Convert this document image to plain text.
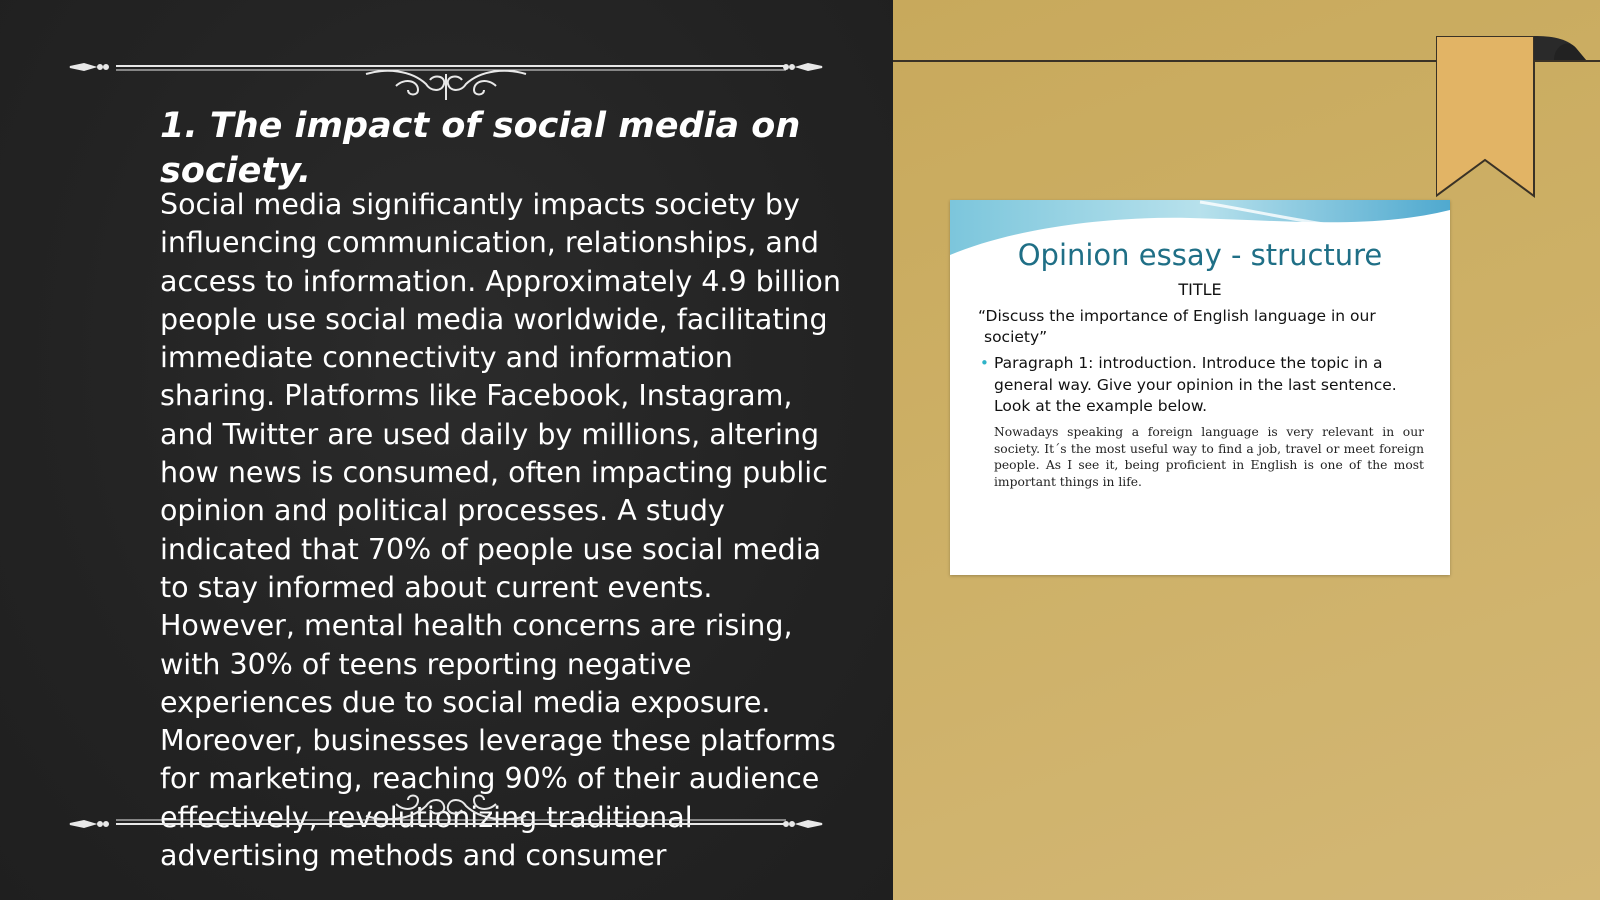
1. The impact of social media on society.

Social media significantly impacts society by influencing communication, relationships, and access to information. Approximately 4.9 billion people use social media worldwide, facilitating immediate connectivity and information sharing. Platforms like Facebook, Instagram, and Twitter are used daily by millions, altering how news is consumed, often impacting public opinion and political processes. A study indicated that 70% of people use social media to stay informed about current events. However, mental health concerns are rising, with 30% of teens reporting negative experiences due to social media exposure. Moreover, businesses leverage these platforms for marketing, reaching 90% of their audience effectively, revolutionizing traditional advertising methods and consumer

Opinion essay - structure
TITLE

“Discuss the importance of English language in our society”

• Paragraph 1: introduction. Introduce the topic in a general way. Give your opinion in the last sentence. Look at the example below.

Nowadays speaking a foreign language is very relevant in our society. It´s the most useful way to find a job, travel or meet foreign people. As I see it, being proficient in English is one of the most important things in life.
